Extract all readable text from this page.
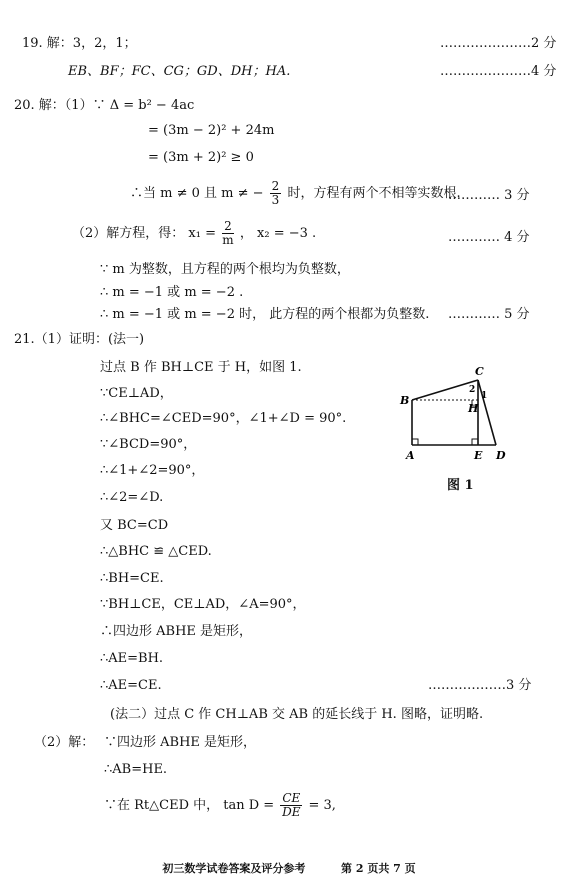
19. 解：3，2，1；	…………………2 分
EB、BF；FC、CG；GD、DH；HA.	…………………4 分
20. 解：（1）∵ Δ = b² − 4ac
= (3m − 2)² + 24m
= (3m + 2)² ≥ 0
∴当 m ≠ 0 且 m ≠ − $\frac{2}{3}$ 时，方程有两个不相等实数根.
………… 3 分
（2）解方程，得： $x_1 = \frac{2}{m}$ ， x₂ = −3 .	………… 4 分
∵ m 为整数，且方程的两个根均为负整数，
∴ m = −1 或 m = −2 .
∴ m = −1 或 m = −2 时， 此方程的两个根都为负整数. ………… 5 分
21.（1）证明：(法一)
过点 B 作 BH⊥CE 于 H，如图 1.
∵CE⊥AD，
∴∠BHC=∠CED=90°，∠1+∠D = 90°.
∵∠BCD=90°，
∴∠1+∠2=90°，
∴∠2=∠D.
又 BC=CD
∴△BHC ≌ △CED.
∴BH=CE.
∵BH⊥CE，CE⊥AD，∠A=90°，
∴四边形 ABHE 是矩形，
∴AE=BH.
∴AE=CE.	………………3 分
(法二）过点 C 作 CH⊥AB 交 AB 的延长线于 H. 图略，证明略.
（2）解： ∵四边形 ABHE 是矩形，
∴AB=HE.
∵在 Rt△CED 中， $\tan D = \frac{CE}{DE} = 3$,
C
B
H
2
1
A	E D
图 1
初三数学试卷答案及评分参考	第 2 页共 7 页
